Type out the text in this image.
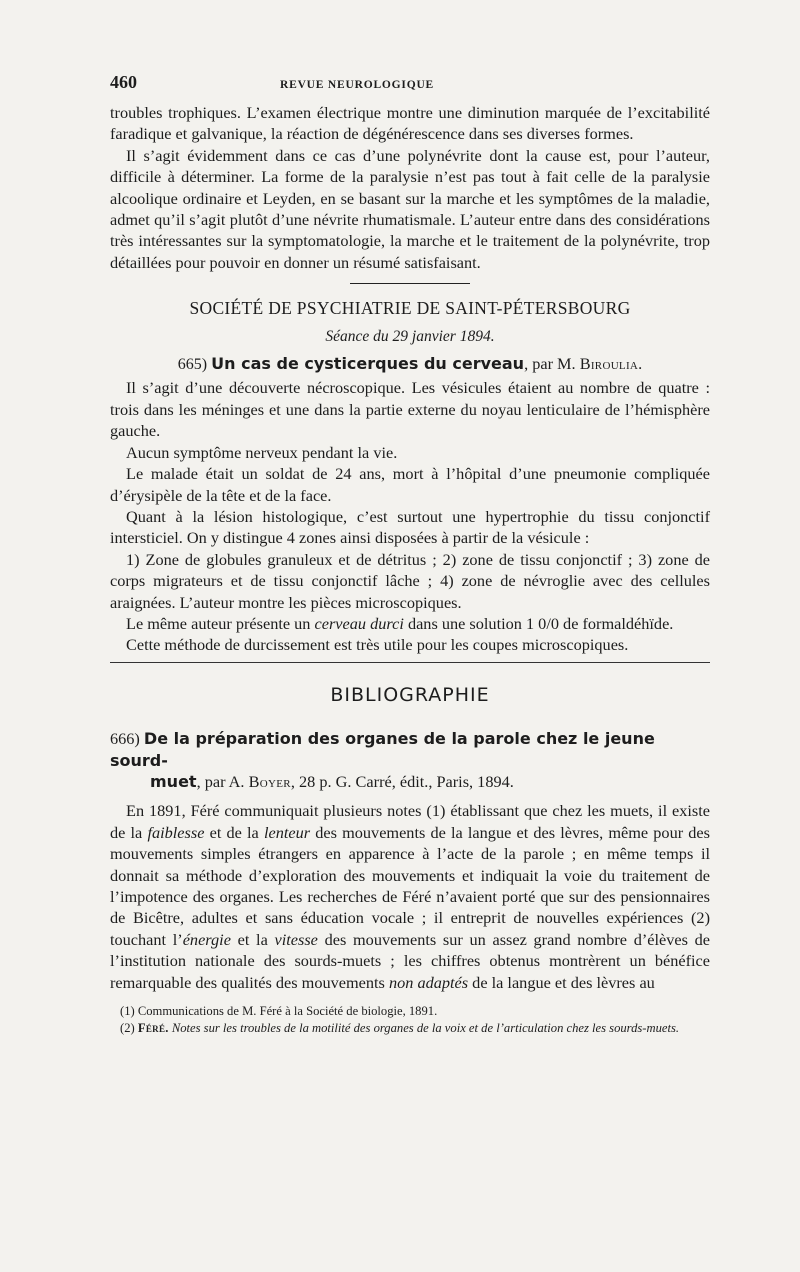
460	REVUE NEUROLOGIQUE

troubles trophiques. L’examen électrique montre une diminution marquée de l’excitabilité faradique et galvanique, la réaction de dégénérescence dans ses diverses formes.

Il s’agit évidemment dans ce cas d’une polynévrite dont la cause est, pour l’auteur, difficile à déterminer. La forme de la paralysie n’est pas tout à fait celle de la paralysie alcoolique ordinaire et Leyden, en se basant sur la marche et les symptômes de la maladie, admet qu’il s’agit plutôt d’une névrite rhumatismale. L’auteur entre dans des considérations très intéressantes sur la symptomatologie, la marche et le traitement de la polynévrite, trop détaillées pour pouvoir en donner un résumé satisfaisant.

SOCIÉTÉ DE PSYCHIATRIE DE SAINT-PÉTERSBOURG
Séance du 29 janvier 1894.
665) Un cas de cysticerques du cerveau, par M. Biroulia.

Il s’agit d’une découverte nécroscopique. Les vésicules étaient au nombre de quatre : trois dans les méninges et une dans la partie externe du noyau lenticulaire de l’hémisphère gauche.

Aucun symptôme nerveux pendant la vie.

Le malade était un soldat de 24 ans, mort à l’hôpital d’une pneumonie compliquée d’érysipèle de la tête et de la face.

Quant à la lésion histologique, c’est surtout une hypertrophie du tissu conjonctif intersticiel. On y distingue 4 zones ainsi disposées à partir de la vésicule :

1) Zone de globules granuleux et de détritus ; 2) zone de tissu conjonctif ; 3) zone de corps migrateurs et de tissu conjonctif lâche ; 4) zone de névroglie avec des cellules araignées. L’auteur montre les pièces microscopiques.

Le même auteur présente un cerveau durci dans une solution 1 0/0 de formaldéhïde.

Cette méthode de durcissement est très utile pour les coupes microscopiques.

BIBLIOGRAPHIE
666) De la préparation des organes de la parole chez le jeune sourd-
muet, par A. Boyer, 28 p. G. Carré, édit., Paris, 1894.

En 1891, Féré communiquait plusieurs notes (1) établissant que chez les muets, il existe de la faiblesse et de la lenteur des mouvements de la langue et des lèvres, même pour des mouvements simples étrangers en apparence à l’acte de la parole ; en même temps il donnait sa méthode d’exploration des mouvements et indiquait la voie du traitement de l’impotence des organes. Les recherches de Féré n’avaient porté que sur des pensionnaires de Bicêtre, adultes et sans éducation vocale ; il entreprit de nouvelles expériences (2) touchant l’énergie et la vitesse des mouvements sur un assez grand nombre d’élèves de l’institution nationale des sourds-muets ; les chiffres obtenus montrèrent un bénéfice remarquable des qualités des mouvements non adaptés de la langue et des lèvres au

(1) Communications de M. Féré à la Société de biologie, 1891.

(2) Féré. Notes sur les troubles de la motilité des organes de la voix et de l’articulation chez les sourds-muets.
